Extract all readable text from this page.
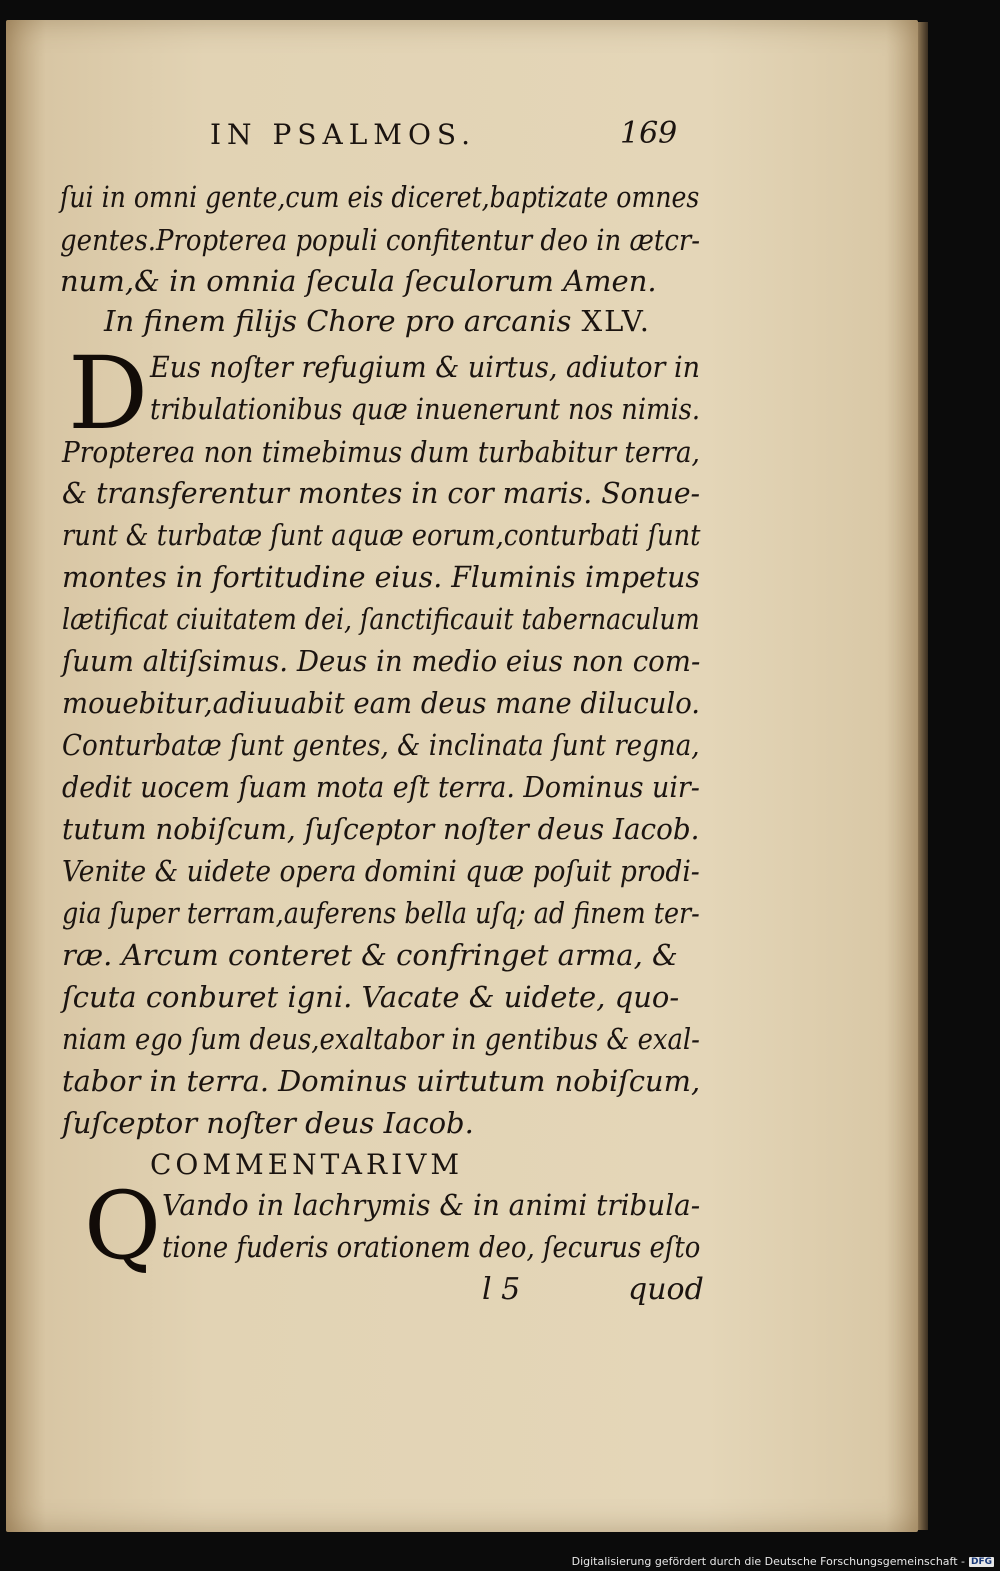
IN PSALMOS.	169
ſui in omni gente,cum eis diceret,baptizate omnes
gentes.Propterea populi confitentur deo in ætcr-
num,& in omnia ſecula ſeculorum Amen.
In finem filijs Chore pro arcanis XLV.
D Eus noſter refugium & uirtus, adiutor in
tribulationibus quæ inuenerunt nos nimis.
Propterea non timebimus dum turbabitur terra,
& transferentur montes in cor maris. Sonue-
runt & turbatæ ſunt aquæ eorum,conturbati ſunt
montes in fortitudine eius. Fluminis impetus
lætificat ciuitatem dei, ſanctificauit tabernaculum
ſuum altiſsimus. Deus in medio eius non com-
mouebitur,adiuuabit eam deus mane diluculo.
Conturbatæ ſunt gentes, & inclinata ſunt regna,
dedit uocem ſuam mota eſt terra. Dominus uir-
tutum nobiſcum, ſuſceptor noſter deus Iacob.
Venite & uidete opera domini quæ poſuit prodi-
gia ſuper terram,auferens bella uſq; ad finem ter-
ræ. Arcum conteret & confringet arma, &
ſcuta conburet igni. Vacate & uidete, quo-
niam ego ſum deus,exaltabor in gentibus & exal-
tabor in terra. Dominus uirtutum nobiſcum,
ſuſceptor noſter deus Iacob.
COMMENTARIVM
Q Vando in lachrymis & in animi tribula-
tione fuderis orationem deo, ſecurus eſto
l 5	quod
Digitalisierung gefördert durch die Deutsche Forschungsgemeinschaft - DFG
